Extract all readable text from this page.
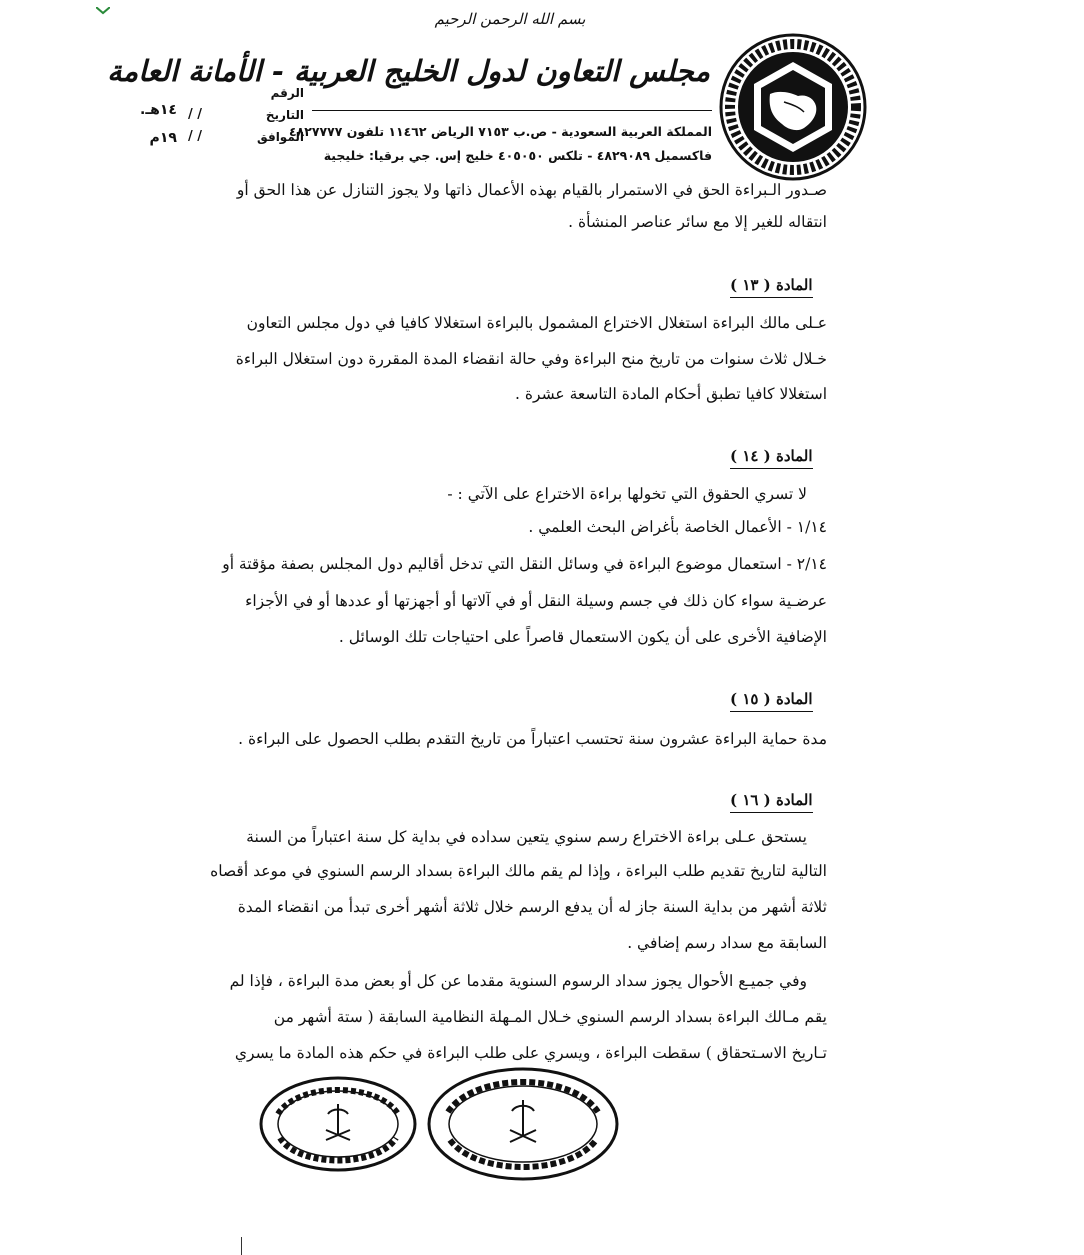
بسم الله الرحمن الرحيم
مجلس التعاون لدول الخليج العربية - الأمانة العامة
المملكة العربية السعودية - ص.ب ٧١٥٣ الرياض ١١٤٦٢ تلفون ٤٨٢٧٧٧٧
فاكسميل ٤٨٢٩٠٨٩ - تلكس ٤٠٥٠٥٠ خليج إس. جي برقيا: خليجية
الرقم
التاريخ
الموافق
/ /
/ /
١٤هـ.
١٩م
صـدور الـبراءة الحق في الاستمرار بالقيام بهذه الأعمال ذاتها ولا يجوز التنازل عن هذا الحق أو
انتقاله للغير إلا مع سائر عناصر المنشأة .
عـلى مالك البراءة استغلال الاختراع المشمول بالبراءة استغلالا كافيا في دول مجلس التعاون
خـلال ثلاث سنوات من تاريخ منح البراءة وفي حالة انقضاء المدة المقررة دون استغلال البراءة
استغلالا كافيا تطبق أحكام المادة التاسعة عشرة .
لا تسري الحقوق التي تخولها براءة الاختراع على الآتي : -
١/١٤ - الأعمال الخاصة بأغراض البحث العلمي .
٢/١٤ - استعمال موضوع البراءة في وسائل النقل التي تدخل أقاليم دول المجلس بصفة مؤقتة أو
عرضـية سواء كان ذلك في جسم وسيلة النقل أو في آلاتها أو أجهزتها أو عددها أو في الأجزاء
الإضافية الأخرى على أن يكون الاستعمال قاصراً على احتياجات تلك الوسائل .
مدة حماية البراءة عشرون سنة تحتسب اعتباراً من تاريخ التقدم بطلب الحصول على البراءة .
يستحق عـلى براءة الاختراع رسم سنوي يتعين سداده في بداية كل سنة اعتباراً من السنة
التالية لتاريخ تقديم طلب البراءة ، وإذا لم يقم مالك البراءة بسداد الرسم السنوي في موعد أقصاه
ثلاثة أشهر من بداية السنة جاز له أن يدفع الرسم خلال ثلاثة أشهر أخرى تبدأ من انقضاء المدة
السابقة مع سداد رسم إضافي .
وفي جميـع الأحوال يجوز سداد الرسوم السنوية مقدما عن كل أو بعض مدة البراءة ، فإذا لم
يقم مـالك البراءة بسداد الرسم السنوي خـلال المـهلة النظامية السابقة ( ستة أشهر من
تـاريخ الاسـتحقاق ) سقطت البراءة ، ويسري على طلب البراءة في حكم هذه المادة ما يسري
المادة ( ١٣ )
المادة ( ١٤ )
المادة ( ١٥ )
المادة ( ١٦ )
